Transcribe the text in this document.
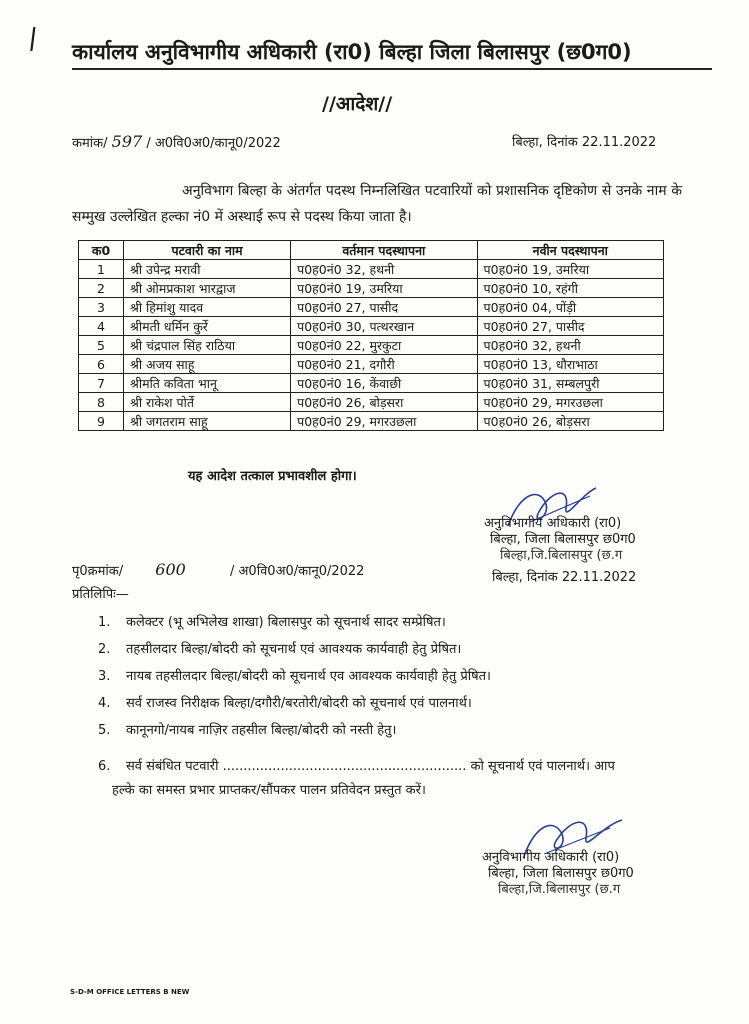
/ कार्यालय अनुविभागीय अधिकारी (रा0) बिल्हा जिला बिलासपुर (छ0ग0)
//आदेश//
कमांक/ 597 / अ0वि0अ0/कानू0/2022	बिल्हा, दिनांक 22.11.2022
अनुविभाग बिल्हा के अंतर्गत पदस्थ निम्नलिखित पटवारियों को प्रशासनिक दृष्टिकोण से उनके नाम के सम्मुख उल्लेखित हल्का नं0 में अस्थाई रूप से पदस्थ किया जाता है।
क0	पटवारी का नाम	वर्तमान पदस्थापना	नवीन पदस्थापना
1	श्री उपेन्द्र मरावी	प0ह0नं0 32, हथनी	प0ह0नं0 19, उमरिया
2	श्री ओमप्रकाश भारद्वाज	प0ह0नं0 19, उमरिया	प0ह0नं0 10, रहंगी
3	श्री हिमांशु यादव	प0ह0नं0 27, पासीद	प0ह0नं0 04, पोंड़ी
4	श्रीमती धर्मिन कुर्रे	प0ह0नं0 30, पत्थरखान	प0ह0नं0 27, पासीद
5	श्री चंद्रपाल सिंह राठिया	प0ह0नं0 22, मुरकुटा	प0ह0नं0 32, हथनी
6	श्री अजय साहू	प0ह0नं0 21, दगौरी	प0ह0नं0 13, धौराभाठा
7	श्रीमति कविता भानू	प0ह0नं0 16, केंवाछी	प0ह0नं0 31, सम्बलपुरी
8	श्री राकेश पोर्ते	प0ह0नं0 26, बोड़सरा	प0ह0नं0 29, मगरउछला
9	श्री जगतराम साहू	प0ह0नं0 29, मगरउछला	प0ह0नं0 26, बोड़सरा
यह आदेश तत्काल प्रभावशील होगा।
अनुविभागीय अधिकारी (रा0)
बिल्हा, जिला बिलासपुर छ0ग0
बिल्हा,जि.बिलासपुर (छ.ग
पृ0क्रमांक/ 600	/ अ0वि0अ0/कानू0/2022	बिल्हा, दिनांक 22.11.2022
प्रतिलिपिः—
1. कलेक्टर (भू अभिलेख शाखा) बिलासपुर को सूचनार्थ सादर सम्प्रेषित।
2. तहसीलदार बिल्हा/बोदरी को सूचनार्थ एवं आवश्यक कार्यवाही हेतु प्रेषित।
3. नायब तहसीलदार बिल्हा/बोदरी को सूचनार्थ एव आवश्यक कार्यवाही हेतु प्रेषित।
4. सर्व राजस्व निरीक्षक बिल्हा/दगौरी/बरतोरी/बोदरी को सूचनार्थ एवं पालनार्थ।
5. कानूनगो/नायब नाज़िर तहसील बिल्हा/बोदरी को नस्ती हेतु।
6. सर्व संबंधित पटवारी ........................................................... को सूचनार्थ एवं पालनार्थ। आप
हल्के का समस्त प्रभार प्राप्तकर/सौंपकर पालन प्रतिवेदन प्रस्तुत करें।
अनुविभागीय अधिकारी (रा0)
बिल्हा, जिला बिलासपुर छ0ग0
बिल्हा,जि.बिलासपुर (छ.ग
S-D-M OFFICE LETTERS B NEW
